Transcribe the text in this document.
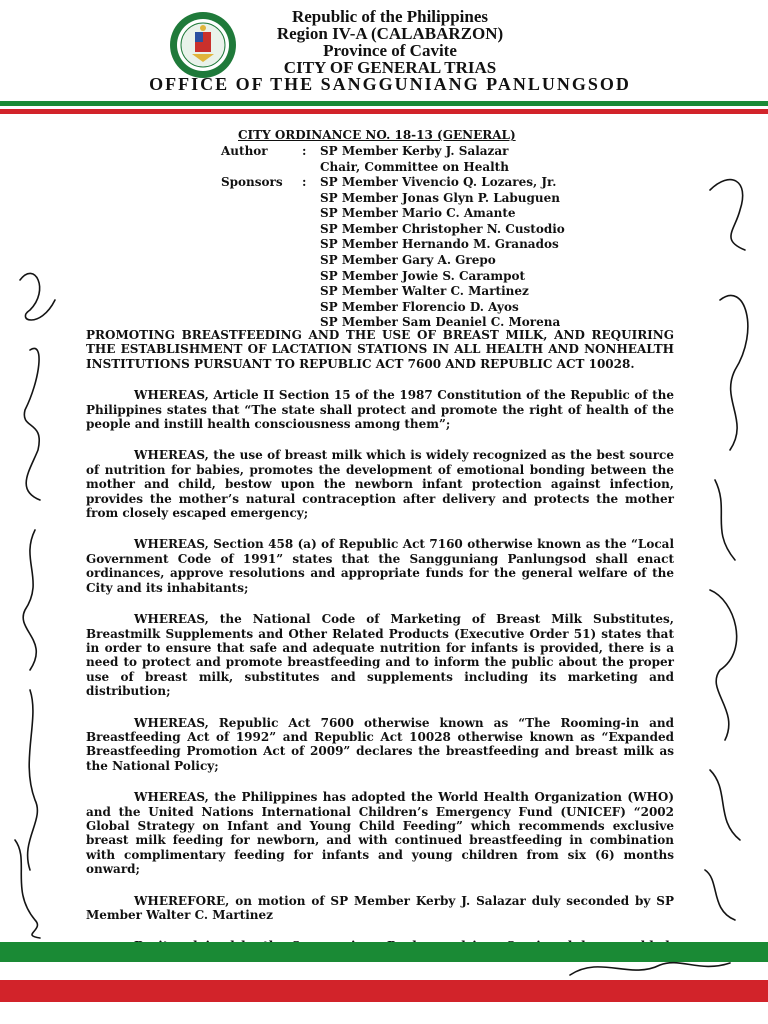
Republic of the Philippines
Region IV-A (CALABARZON)
Province of Cavite
CITY OF GENERAL TRIAS
OFFICE OF THE SANGGUNIANG PANLUNGSOD
CITY ORDINANCE NO. 18-13 (GENERAL)
Author	: SP Member Kerby J. Salazar
Chair, Committee on Health
Sponsors : SP Member Vivencio Q. Lozares, Jr.
SP Member Jonas Glyn P. Labuguen
SP Member Mario C. Amante
SP Member Christopher N. Custodio
SP Member Hernando M. Granados
SP Member Gary A. Grepo
SP Member Jowie S. Carampot
SP Member Walter C. Martinez
SP Member Florencio D. Ayos
SP Member Sam Deaniel C. Morena

PROMOTING BREASTFEEDING AND THE USE OF BREAST MILK, AND REQUIRING THE ESTABLISHMENT OF LACTATION STATIONS IN ALL HEALTH AND NONHEALTH INSTITUTIONS PURSUANT TO REPUBLIC ACT 7600 AND REPUBLIC ACT 10028.

WHEREAS, Article II Section 15 of the 1987 Constitution of the Republic of the Philippines states that “The state shall protect and promote the right of health of the people and instill health consciousness among them”;

WHEREAS, the use of breast milk which is widely recognized as the best source of nutrition for babies, promotes the development of emotional bonding between the mother and child, bestow upon the newborn infant protection against infection, provides the mother’s natural contraception after delivery and protects the mother from closely escaped emergency;

WHEREAS, Section 458 (a) of Republic Act 7160 otherwise known as the “Local Government Code of 1991” states that the Sangguniang Panlungsod shall enact ordinances, approve resolutions and appropriate funds for the general welfare of the City and its inhabitants;

WHEREAS, the National Code of Marketing of Breast Milk Substitutes, Breastmilk Supplements and Other Related Products (Executive Order 51) states that in order to ensure that safe and adequate nutrition for infants is provided, there is a need to protect and promote breastfeeding and to inform the public about the proper use of breast milk, substitutes and supplements including its marketing and distribution;

WHEREAS, Republic Act 7600 otherwise known as “The Rooming-in and Breastfeeding Act of 1992” and Republic Act 10028 otherwise known as “Expanded Breastfeeding Promotion Act of 2009” declares the breastfeeding and breast milk as the National Policy;

WHEREAS, the Philippines has adopted the World Health Organization (WHO) and the United Nations International Children’s Emergency Fund (UNICEF) “2002 Global Strategy on Infant and Young Child Feeding” which recommends exclusive breast milk feeding for newborn, and with continued breastfeeding in combination with complimentary feeding for infants and young children from six (6) months onward;

WHEREFORE, on motion of SP Member Kerby J. Salazar duly seconded by SP Member Walter C. Martinez
